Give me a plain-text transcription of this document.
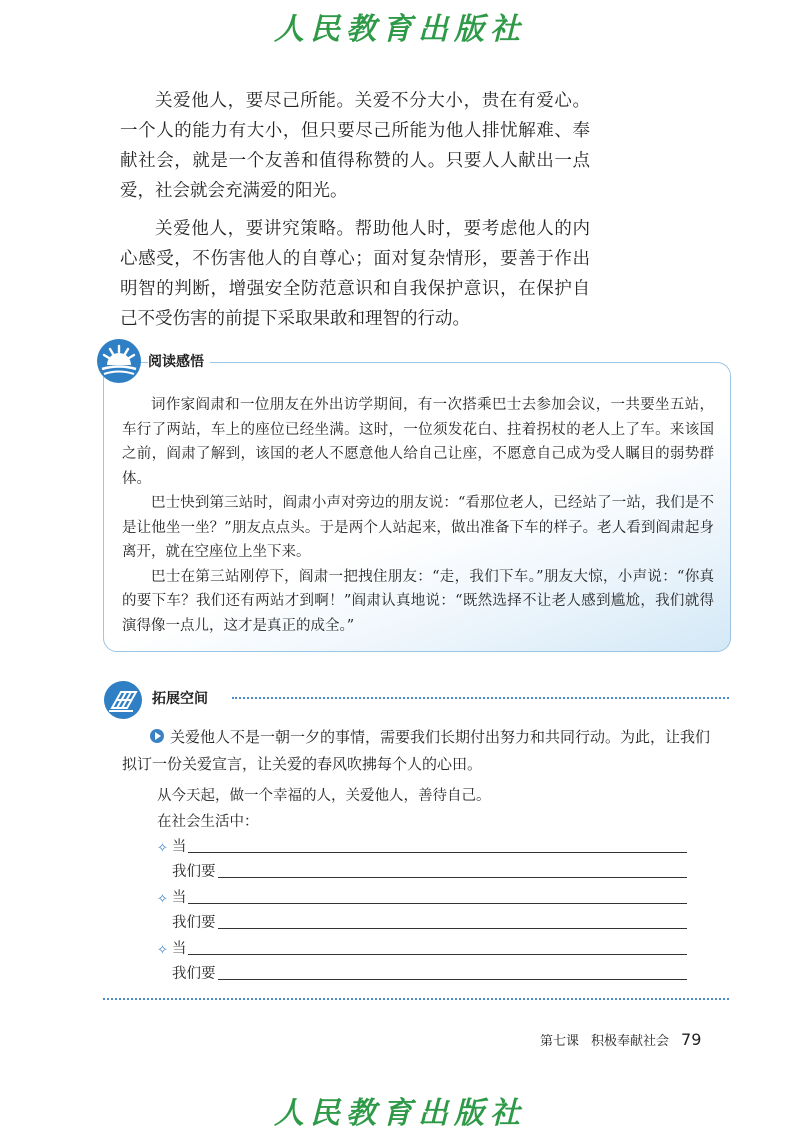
人民教育出版社

关爱他人，要尽己所能。关爱不分大小，贵在有爱心。一个人的能力有大小，但只要尽己所能为他人排忧解难、奉献社会，就是一个友善和值得称赞的人。只要人人献出一点爱，社会就会充满爱的阳光。

关爱他人，要讲究策略。帮助他人时，要考虑他人的内心感受，不伤害他人的自尊心；面对复杂情形，要善于作出明智的判断，增强安全防范意识和自我保护意识，在保护自己不受伤害的前提下采取果敢和理智的行动。

阅读感悟

词作家阎肃和一位朋友在外出访学期间，有一次搭乘巴士去参加会议，一共要坐五站，车行了两站，车上的座位已经坐满。这时，一位须发花白、拄着拐杖的老人上了车。来该国之前，阎肃了解到，该国的老人不愿意他人给自己让座，不愿意自己成为受人瞩目的弱势群体。

巴士快到第三站时，阎肃小声对旁边的朋友说：“看那位老人，已经站了一站，我们是不是让他坐一坐？”朋友点点头。于是两个人站起来，做出准备下车的样子。老人看到阎肃起身离开，就在空座位上坐下来。

巴士在第三站刚停下，阎肃一把拽住朋友：“走，我们下车。”朋友大惊，小声说：“你真的要下车？我们还有两站才到啊！”阎肃认真地说：“既然选择不让老人感到尴尬，我们就得演得像一点儿，这才是真正的成全。”

拓展空间
关爱他人不是一朝一夕的事情，需要我们长期付出努力和共同行动。为此，让我们拟订一份关爱宣言，让关爱的春风吹拂每个人的心田。
从今天起，做一个幸福的人，关爱他人，善待自己。
在社会生活中：
✧ 当
我们要
✧ 当
我们要
✧ 当
我们要
第七课 积极奉献社会 79
人民教育出版社
